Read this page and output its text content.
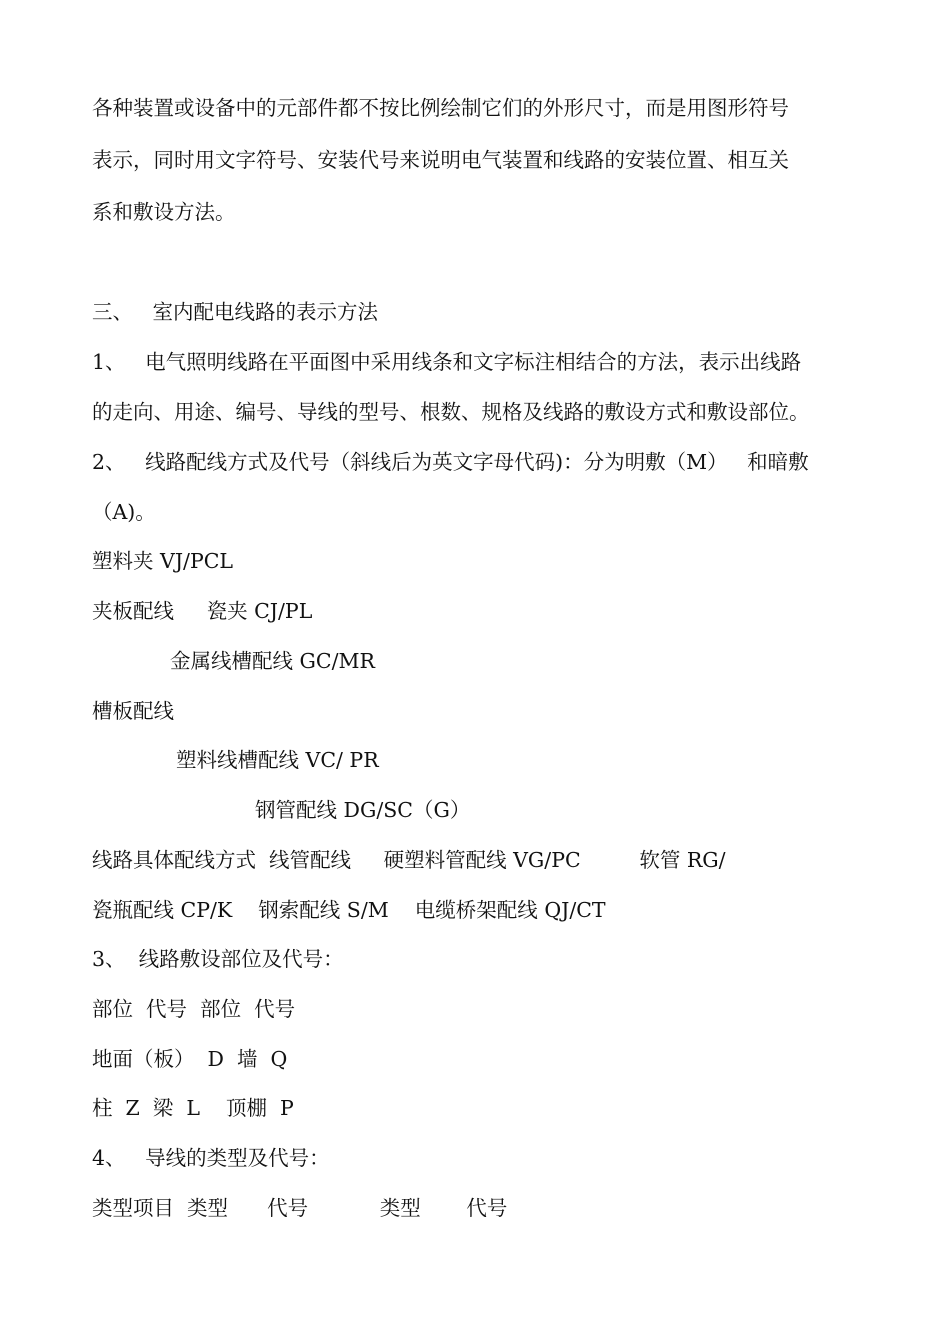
各种装置或设备中的元部件都不按比例绘制它们的外形尺寸，而是用图形符号
表示，同时用文字符号、安装代号来说明电气装置和线路的安装位置、相互关
系和敷设方法。
三、   室内配电线路的表示方法
1、   电气照明线路在平面图中采用线条和文字标注相结合的方法，表示出线路
的走向、用途、编号、导线的型号、根数、规格及线路的敷设方式和敷设部位。
2、   线路配线方式及代号（斜线后为英文字母代码)：分为明敷（M）   和暗敷
（A)。
塑料夹 VJ/PCL
夹板配线     瓷夹 CJ/PL
金属线槽配线 GC/MR
槽板配线
塑料线槽配线 VC/ PR
钢管配线 DG/SC（G）
线路具体配线方式  线管配线     硬塑料管配线 VG/PC         软管 RG/
瓷瓶配线 CP/K    钢索配线 S/M    电缆桥架配线 QJ/CT
3、  线路敷设部位及代号：
部位  代号  部位  代号
地面（板）  D  墙  Q
柱  Z  梁  L    顶棚  P
4、   导线的类型及代号：
类型项目  类型      代号           类型       代号
